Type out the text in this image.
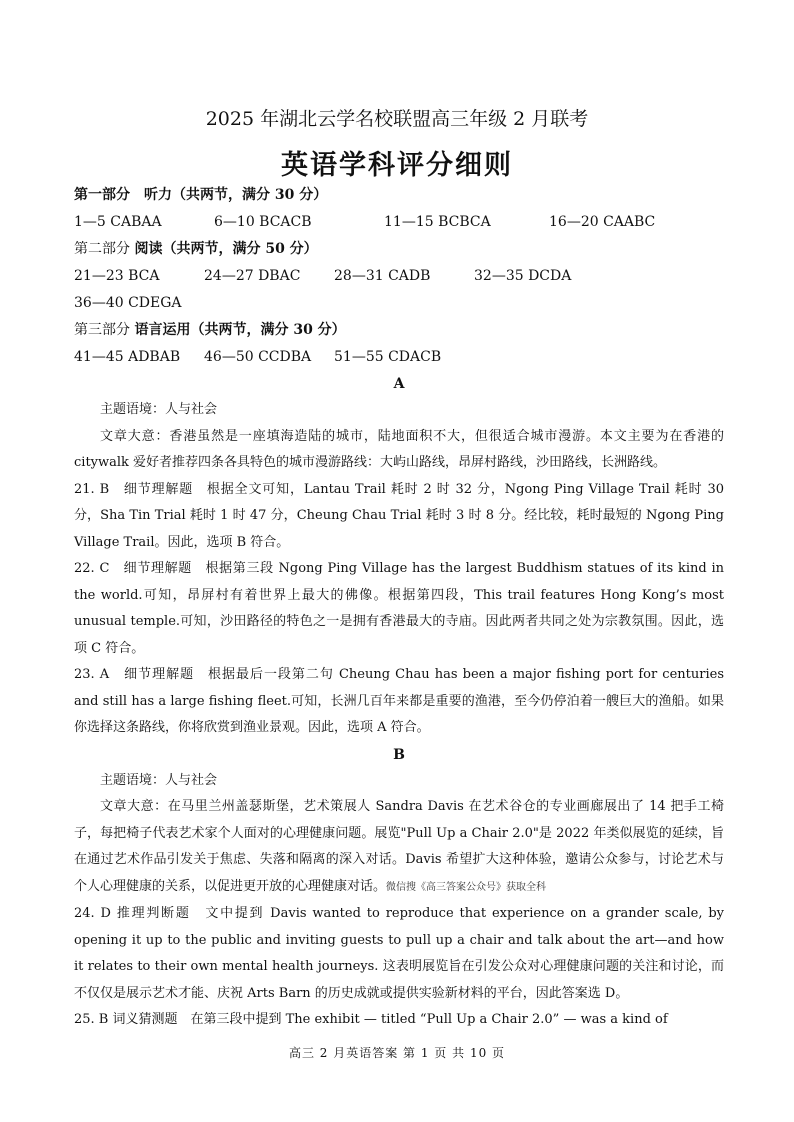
2025 年湖北云学名校联盟高三年级 2 月联考
英语学科评分细则
第一部分　听力（共两节，满分 30 分）
1—5 CABAA	6—10 BCACB	11—15 BCBCA	16—20 CAABC
第二部分 阅读（共两节，满分 50 分）
21—23 BCA	24—27 DBAC	28—31 CADB	32—35 DCDA
36—40 CDEGA
第三部分 语言运用（共两节，满分 30 分）
41—45 ADBAB	46—50 CCDBA	51—55 CDACB
A
主题语境：人与社会
文章大意：香港虽然是一座填海造陆的城市，陆地面积不大，但很适合城市漫游。本文主要为在香港的 citywalk 爱好者推荐四条各具特色的城市漫游路线：大屿山路线，昂屏村路线，沙田路线，长洲路线。
21. B　细节理解题　根据全文可知，Lantau Trail 耗时 2 时 32 分，Ngong Ping Village Trail 耗时 30 分，Sha Tin Trial 耗时 1 时 47 分，Cheung Chau Trial 耗时 3 时 8 分。经比较，耗时最短的 Ngong Ping Village Trail。因此，选项 B 符合。
22. C　细节理解题　根据第三段 Ngong Ping Village has the largest Buddhism statues of its kind in the world.可知，昂屏村有着世界上最大的佛像。根据第四段，This trail features Hong Kong’s most unusual temple.可知，沙田路径的特色之一是拥有香港最大的寺庙。因此两者共同之处为宗教氛围。因此，选项 C 符合。
23. A　细节理解题　根据最后一段第二句 Cheung Chau has been a major fishing port for centuries and still has a large fishing fleet.可知，长洲几百年来都是重要的渔港，至今仍停泊着一艘巨大的渔船。如果你选择这条路线，你将欣赏到渔业景观。因此，选项 A 符合。
B
主题语境：人与社会
文章大意：在马里兰州盖瑟斯堡，艺术策展人 Sandra Davis 在艺术谷仓的专业画廊展出了 14 把手工椅子，每把椅子代表艺术家个人面对的心理健康问题。展览"Pull Up a Chair 2.0"是 2022 年类似展览的延续，旨在通过艺术作品引发关于焦虑、失落和隔离的深入对话。Davis 希望扩大这种体验，邀请公众参与，讨论艺术与个人心理健康的关系，以促进更开放的心理健康对话。微信搜《高三答案公众号》获取全科
24. D 推理判断题　文中提到 Davis wanted to reproduce that experience on a grander scale, by opening it up to the public and inviting guests to pull up a chair and talk about the art—and how it relates to their own mental health journeys. 这表明展览旨在引发公众对心理健康问题的关注和讨论，而不仅仅是展示艺术才能、庆祝 Arts Barn 的历史成就或提供实验新材料的平台，因此答案选 D。
25. B 词义猜测题　在第三段中提到 The exhibit — titled “Pull Up a Chair 2.0” — was a kind of
高三 2 月英语答案 第 1 页 共 10 页
